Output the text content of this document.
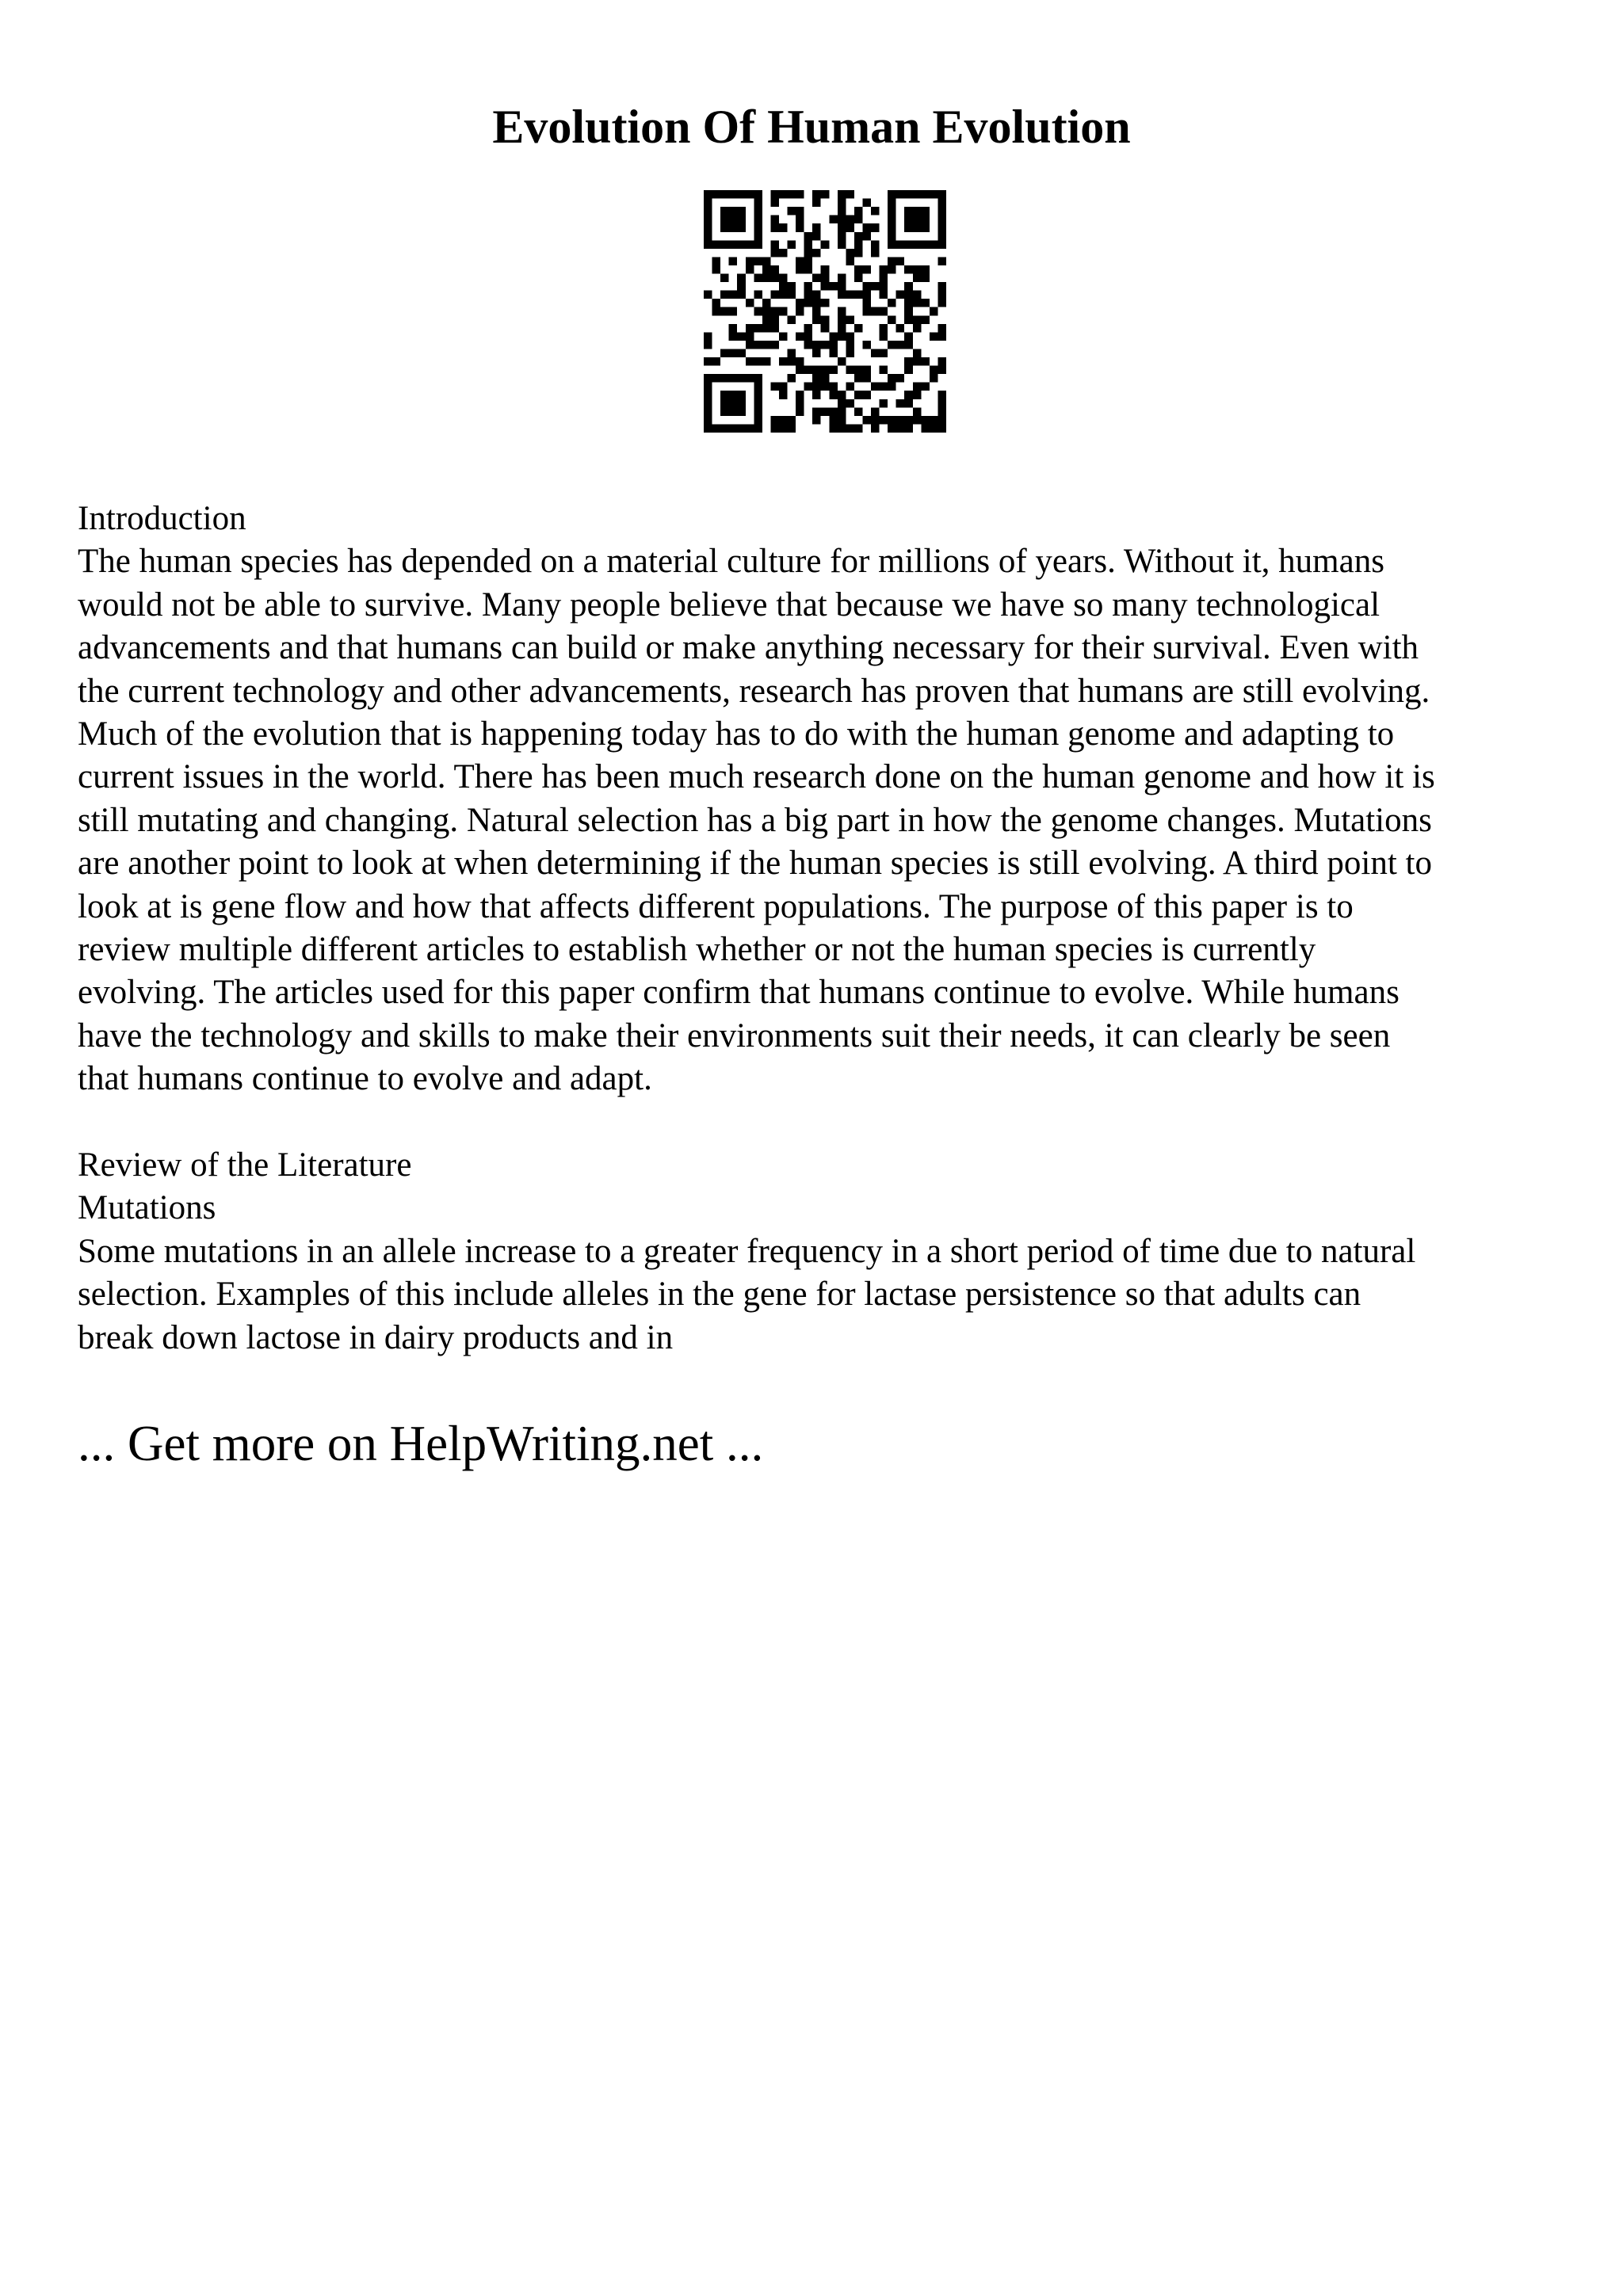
Evolution Of Human Evolution
Introduction
The human species has depended on a material culture for millions of years. Without it, humans
would not be able to survive. Many people believe that because we have so many technological
advancements and that humans can build or make anything necessary for their survival. Even with
the current technology and other advancements, research has proven that humans are still evolving.
Much of the evolution that is happening today has to do with the human genome and adapting to
current issues in the world. There has been much research done on the human genome and how it is
still mutating and changing. Natural selection has a big part in how the genome changes. Mutations
are another point to look at when determining if the human species is still evolving. A third point to
look at is gene flow and how that affects different populations. The purpose of this paper is to
review multiple different articles to establish whether or not the human species is currently
evolving. The articles used for this paper confirm that humans continue to evolve. While humans
have the technology and skills to make their environments suit their needs, it can clearly be seen
that humans continue to evolve and adapt.
Review of the Literature
Mutations
Some mutations in an allele increase to a greater frequency in a short period of time due to natural
selection. Examples of this include alleles in the gene for lactase persistence so that adults can
break down lactose in dairy products and in
... Get more on HelpWriting.net ...
